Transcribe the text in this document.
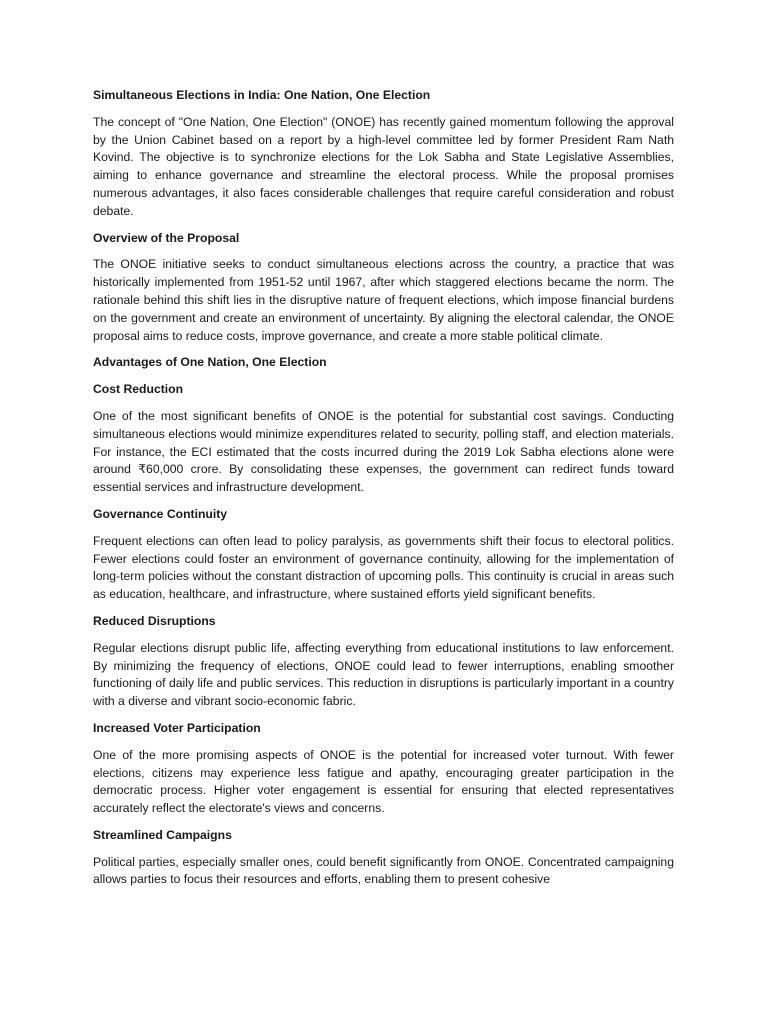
Simultaneous Elections in India: One Nation, One Election
The concept of "One Nation, One Election" (ONOE) has recently gained momentum following the approval by the Union Cabinet based on a report by a high-level committee led by former President Ram Nath Kovind. The objective is to synchronize elections for the Lok Sabha and State Legislative Assemblies, aiming to enhance governance and streamline the electoral process. While the proposal promises numerous advantages, it also faces considerable challenges that require careful consideration and robust debate.
Overview of the Proposal
The ONOE initiative seeks to conduct simultaneous elections across the country, a practice that was historically implemented from 1951-52 until 1967, after which staggered elections became the norm. The rationale behind this shift lies in the disruptive nature of frequent elections, which impose financial burdens on the government and create an environment of uncertainty. By aligning the electoral calendar, the ONOE proposal aims to reduce costs, improve governance, and create a more stable political climate.
Advantages of One Nation, One Election
Cost Reduction
One of the most significant benefits of ONOE is the potential for substantial cost savings. Conducting simultaneous elections would minimize expenditures related to security, polling staff, and election materials. For instance, the ECI estimated that the costs incurred during the 2019 Lok Sabha elections alone were around ₹60,000 crore. By consolidating these expenses, the government can redirect funds toward essential services and infrastructure development.
Governance Continuity
Frequent elections can often lead to policy paralysis, as governments shift their focus to electoral politics. Fewer elections could foster an environment of governance continuity, allowing for the implementation of long-term policies without the constant distraction of upcoming polls. This continuity is crucial in areas such as education, healthcare, and infrastructure, where sustained efforts yield significant benefits.
Reduced Disruptions
Regular elections disrupt public life, affecting everything from educational institutions to law enforcement. By minimizing the frequency of elections, ONOE could lead to fewer interruptions, enabling smoother functioning of daily life and public services. This reduction in disruptions is particularly important in a country with a diverse and vibrant socio-economic fabric.
Increased Voter Participation
One of the more promising aspects of ONOE is the potential for increased voter turnout. With fewer elections, citizens may experience less fatigue and apathy, encouraging greater participation in the democratic process. Higher voter engagement is essential for ensuring that elected representatives accurately reflect the electorate's views and concerns.
Streamlined Campaigns
Political parties, especially smaller ones, could benefit significantly from ONOE. Concentrated campaigning allows parties to focus their resources and efforts, enabling them to present cohesive
